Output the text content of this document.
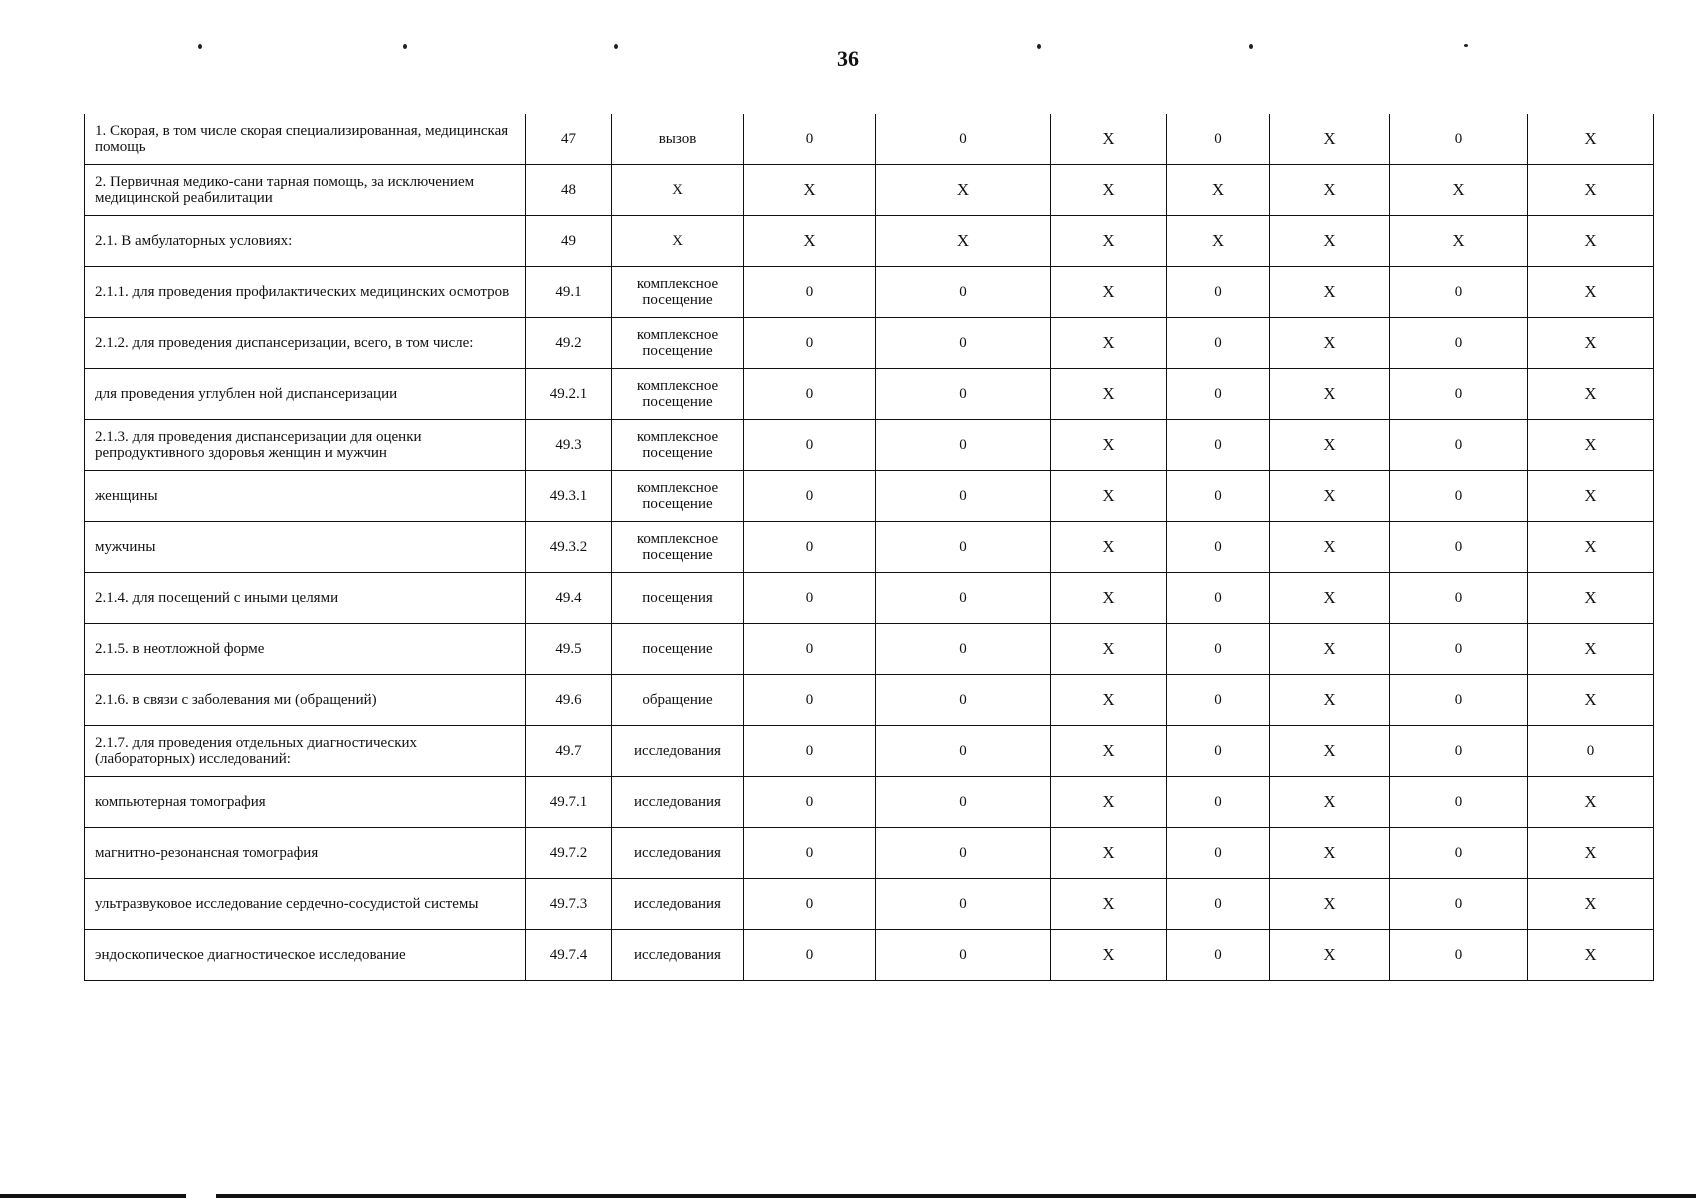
36
1. Скорая, в том числе скорая специализированная, медицинская помощь	47	вызов	0	0	X	0	X	0	X
2. Первичная медико-сани тарная помощь, за исключением медицинской реабилитации	48	X	X	X	X	X	X	X	X
2.1. В амбулаторных условиях:	49	X	X	X	X	X	X	X	X
2.1.1. для проведения профилактических медицинских осмотров	49.1	комплексное посещение	0	0	X	0	X	0	X
2.1.2. для проведения диспансеризации, всего, в том числе:	49.2	комплексное посещение	0	0	X	0	X	0	X
для проведения углублен ной диспансеризации	49.2.1	комплексное посещение	0	0	X	0	X	0	X
2.1.3. для проведения диспансеризации для оценки репродуктивного здоровья женщин и мужчин	49.3	комплексное посещение	0	0	X	0	X	0	X
женщины	49.3.1	комплексное посещение	0	0	X	0	X	0	X
мужчины	49.3.2	комплексное посещение	0	0	X	0	X	0	X
2.1.4. для посещений с иными целями	49.4	посещения	0	0	X	0	X	0	X
2.1.5. в неотложной форме	49.5	посещение	0	0	X	0	X	0	X
2.1.6. в связи с заболевания ми (обращений)	49.6	обращение	0	0	X	0	X	0	X
2.1.7. для проведения отдельных диагностических (лабораторных) исследований:	49.7	исследования	0	0	X	0	X	0	0
компьютерная томография	49.7.1	исследования	0	0	X	0	X	0	X
магнитно-резонансная томография	49.7.2	исследования	0	0	X	0	X	0	X
ультразвуковое исследование сердечно-сосудистой системы	49.7.3	исследования	0	0	X	0	X	0	X
эндоскопическое диагностическое исследование	49.7.4	исследования	0	0	X	0	X	0	X
